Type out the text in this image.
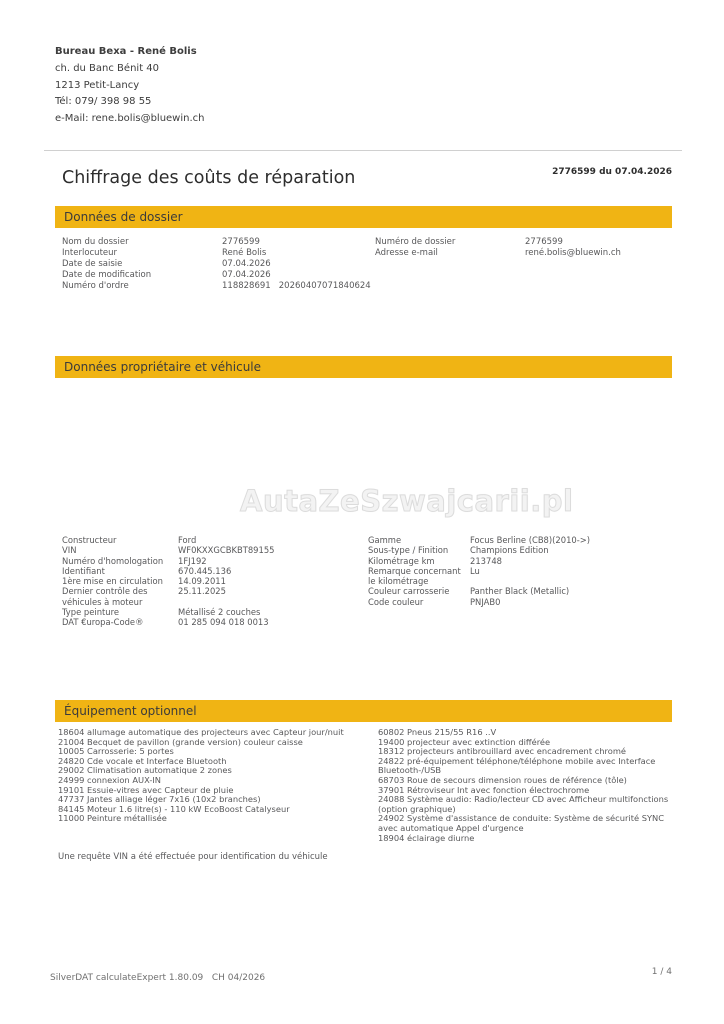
Bureau Bexa - René Bolis
ch. du Banc Bénit 40
1213 Petit-Lancy
Tél: 079/ 398 98 55
e-Mail: rene.bolis@bluewin.ch
Chiffrage des coûts de réparation	2776599 du 07.04.2026
Données de dossier
Nom du dossier	2776599
Interlocuteur	René Bolis
Date de saisie	07.04.2026
Date de modification	07.04.2026
Numéro d'ordre	118828691   20260407071840624
Numéro de dossier	2776599
Adresse e-mail	rené.bolis@bluewin.ch
Données propriétaire et véhicule
AutaZeSzwajcarii.pl
Constructeur	Ford
VIN	WF0KXXGCBKBT89155
Numéro d'homologation	1FJ192
Identifiant	670.445.136
1ère mise en circulation	14.09.2011
Dernier contrôle des véhicules à moteur
25.11.2025
Type peinture	Métallisé 2 couches
DAT €uropa-Code®	01 285 094 018 0013
Gamme	Focus Berline (CB8)(2010->)
Sous-type / Finition	Champions Edition
Kilométrage km	213748
Remarque concernant le kilométrage
Lu
Couleur carrosserie	Panther Black (Metallic)
Code couleur	PNJAB0
Équipement optionnel
18604 allumage automatique des projecteurs avec Capteur jour/nuit
21004 Becquet de pavillon (grande version) couleur caisse
10005 Carrosserie: 5 portes
24820 Cde vocale et Interface Bluetooth
29002 Climatisation automatique 2 zones
24999 connexion AUX-IN
19101 Essuie-vitres avec Capteur de pluie
47737 Jantes alliage léger 7x16 (10x2 branches)
84145 Moteur 1.6 litre(s) - 110 kW EcoBoost Catalyseur
11000 Peinture métallisée
60802 Pneus 215/55 R16 ..V
19400 projecteur avec extinction différée
18312 projecteurs antibrouillard avec encadrement chromé
24822 pré-équipement téléphone/téléphone mobile avec Interface Bluetooth-/USB
68703 Roue de secours dimension roues de référence (tôle)
37901 Rétroviseur Int avec fonction électrochrome
24088 Système audio: Radio/lecteur CD avec Afficheur multifonctions (option graphique)
24902 Système d'assistance de conduite: Système de sécurité SYNC avec automatique Appel d'urgence
18904 éclairage diurne
Une requête VIN a été effectuée pour identification du véhicule
SilverDAT calculateExpert 1.80.09   CH 04/2026
1 / 4
